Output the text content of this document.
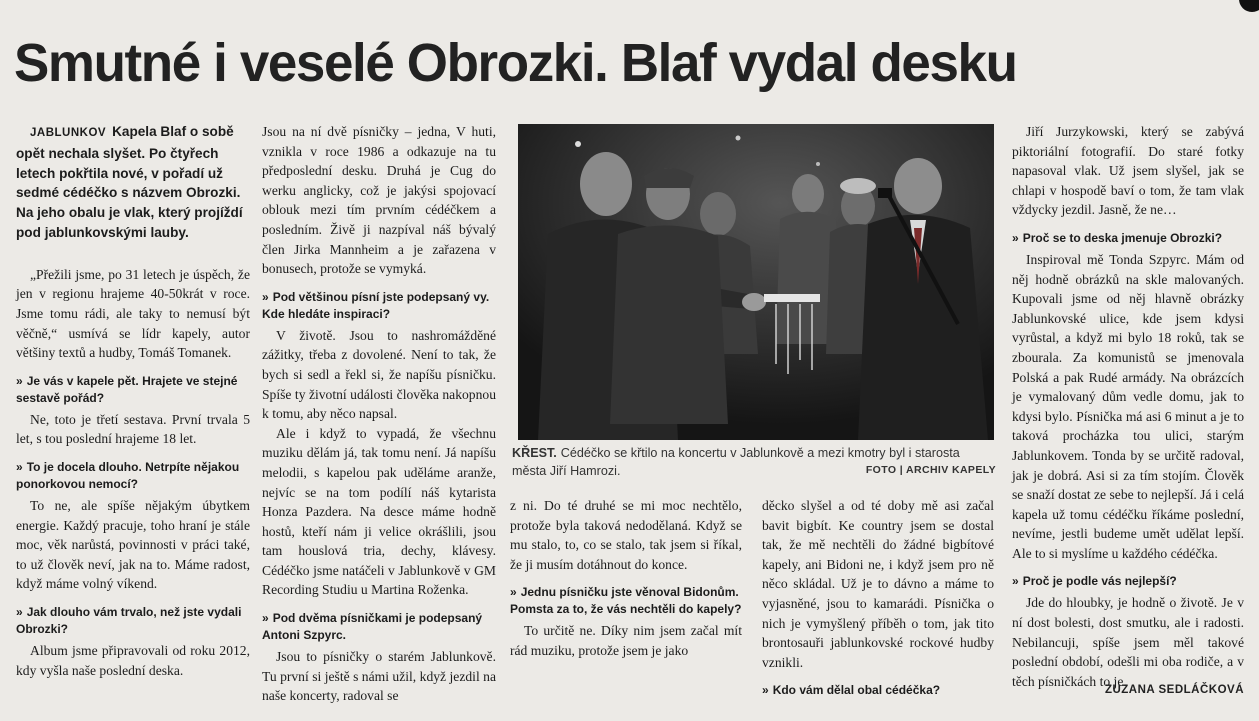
Smutné i veselé Obrozki. Blaf vydal desku

JABLUNKOV Kapela Blaf o sobě opět nechala slyšet. Po čtyřech letech pokřtila nové, v pořadí už sedmé cédéčko s názvem Obrozki. Na jeho obalu je vlak, který projíždí pod jablunkovskými lauby.

„Přežili jsme, po 31 letech je úspěch, že jen v regionu hrajeme 40-50krát v roce. Jsme tomu rádi, ale taky to nemusí být věčně,“ usmívá se lídr kapely, autor většiny textů a hudby, Tomáš Tomanek.

» Je vás v kapele pět. Hrajete ve stejné sestavě pořád?

Ne, toto je třetí sestava. První trvala 5 let, s tou poslední hrajeme 18 let.

» To je docela dlouho. Netrpíte nějakou ponorkovou nemocí?

To ne, ale spíše nějakým úbytkem energie. Každý pracuje, toho hraní je stále moc, věk narůstá, povinnosti v práci také, to už člověk neví, jak na to. Máme radost, když máme volný víkend.

» Jak dlouho vám trvalo, než jste vydali Obrozki?

Album jsme připravovali od roku 2012, kdy vyšla naše poslední deska.

Jsou na ní dvě písničky – jedna, V huti, vznikla v roce 1986 a odkazuje na tu předposlední desku. Druhá je Cug do werku anglicky, což je jakýsi spojovací oblouk mezi tím prvním cédéčkem a posledním. Živě ji nazpíval náš bývalý člen Jirka Mannheim a je zařazena v bonusech, protože se vymyká.

» Pod většinou písní jste podepsaný vy. Kde hledáte inspiraci?

V životě. Jsou to nashromážděné zážitky, třeba z dovolené. Není to tak, že bych si sedl a řekl si, že napíšu písničku. Spíše ty životní události člověka nakopnou k tomu, aby něco napsal.

Ale i když to vypadá, že všechnu muziku dělám já, tak tomu není. Já napíšu melodii, s kapelou pak uděláme aranže, nejvíc se na tom podílí náš kytarista Honza Pazdera. Na desce máme hodně hostů, kteří nám ji velice okrášlili, jsou tam houslová tria, dechy, klávesy. Cédéčko jsme natáčeli v Jablunkově v GM Recording Studiu u Martina Roženka.

» Pod dvěma písničkami je podepsaný Antoni Szpyrc.

Jsou to písničky o starém Jablunkově. Tu první si ještě s námi užil, když jezdil na naše koncerty, radoval se

KŘEST. Cédéčko se křtilo na koncertu v Jablunkově a mezi kmotry byl i starosta města Jiří Hamrozi.	FOTO | ARCHIV KAPELY

z ni. Do té druhé se mi moc nechtělo, protože byla taková nedodělaná. Když se mu stalo, to, co se stalo, tak jsem si říkal, že ji musím dotáhnout do konce.

» Jednu písničku jste věnoval Bidonům. Pomsta za to, že vás nechtěli do kapely?

To určitě ne. Díky nim jsem začal mít rád muziku, protože jsem je jako

děcko slyšel a od té doby mě asi začal bavit bigbít. Ke country jsem se dostal tak, že mě nechtěli do žádné bigbítové kapely, ani Bidoni ne, i když jsem pro ně něco skládal. Už je to dávno a máme to vyjasněné, jsou to kamarádi. Písnička o nich je vymyšlený příběh o tom, jak tito brontosauři jablunkovské rockové hudby vznikli.

» Kdo vám dělal obal cédéčka?

Jiří Jurzykowski, který se zabývá piktoriální fotografií. Do staré fotky napasoval vlak. Už jsem slyšel, jak se chlapi v hospodě baví o tom, že tam vlak vždycky jezdil. Jasně, že ne…

» Proč se to deska jmenuje Obrozki?

Inspiroval mě Tonda Szpyrc. Mám od něj hodně obrázků na skle malovaných. Kupovali jsme od něj hlavně obrázky Jablunkovské ulice, kde jsem kdysi vyrůstal, a když mi bylo 18 roků, tak se zbourala. Za komunistů se jmenovala Polská a pak Rudé armády. Na obrázcích je vymalovaný dům vedle domu, jak to kdysi bylo. Písnička má asi 6 minut a je to taková procházka tou ulici, starým Jablunkovem. Tonda by se určitě radoval, jak je dobrá. Asi si za tím stojím. Člověk se snaží dostat ze sebe to nejlepší. Já i celá kapela už tomu cédéčku říkáme poslední, nevíme, jestli budeme umět udělat lepší. Ale to si myslíme u každého cédéčka.

» Proč je podle vás nejlepší?

Jde do hloubky, je hodně o životě. Je v ní dost bolesti, dost smutku, ale i radosti. Nebilancuji, spíše jsem měl takové poslední období, odešli mi oba rodiče, a v těch písničkách to je.

ZUZANA SEDLÁČKOVÁ
